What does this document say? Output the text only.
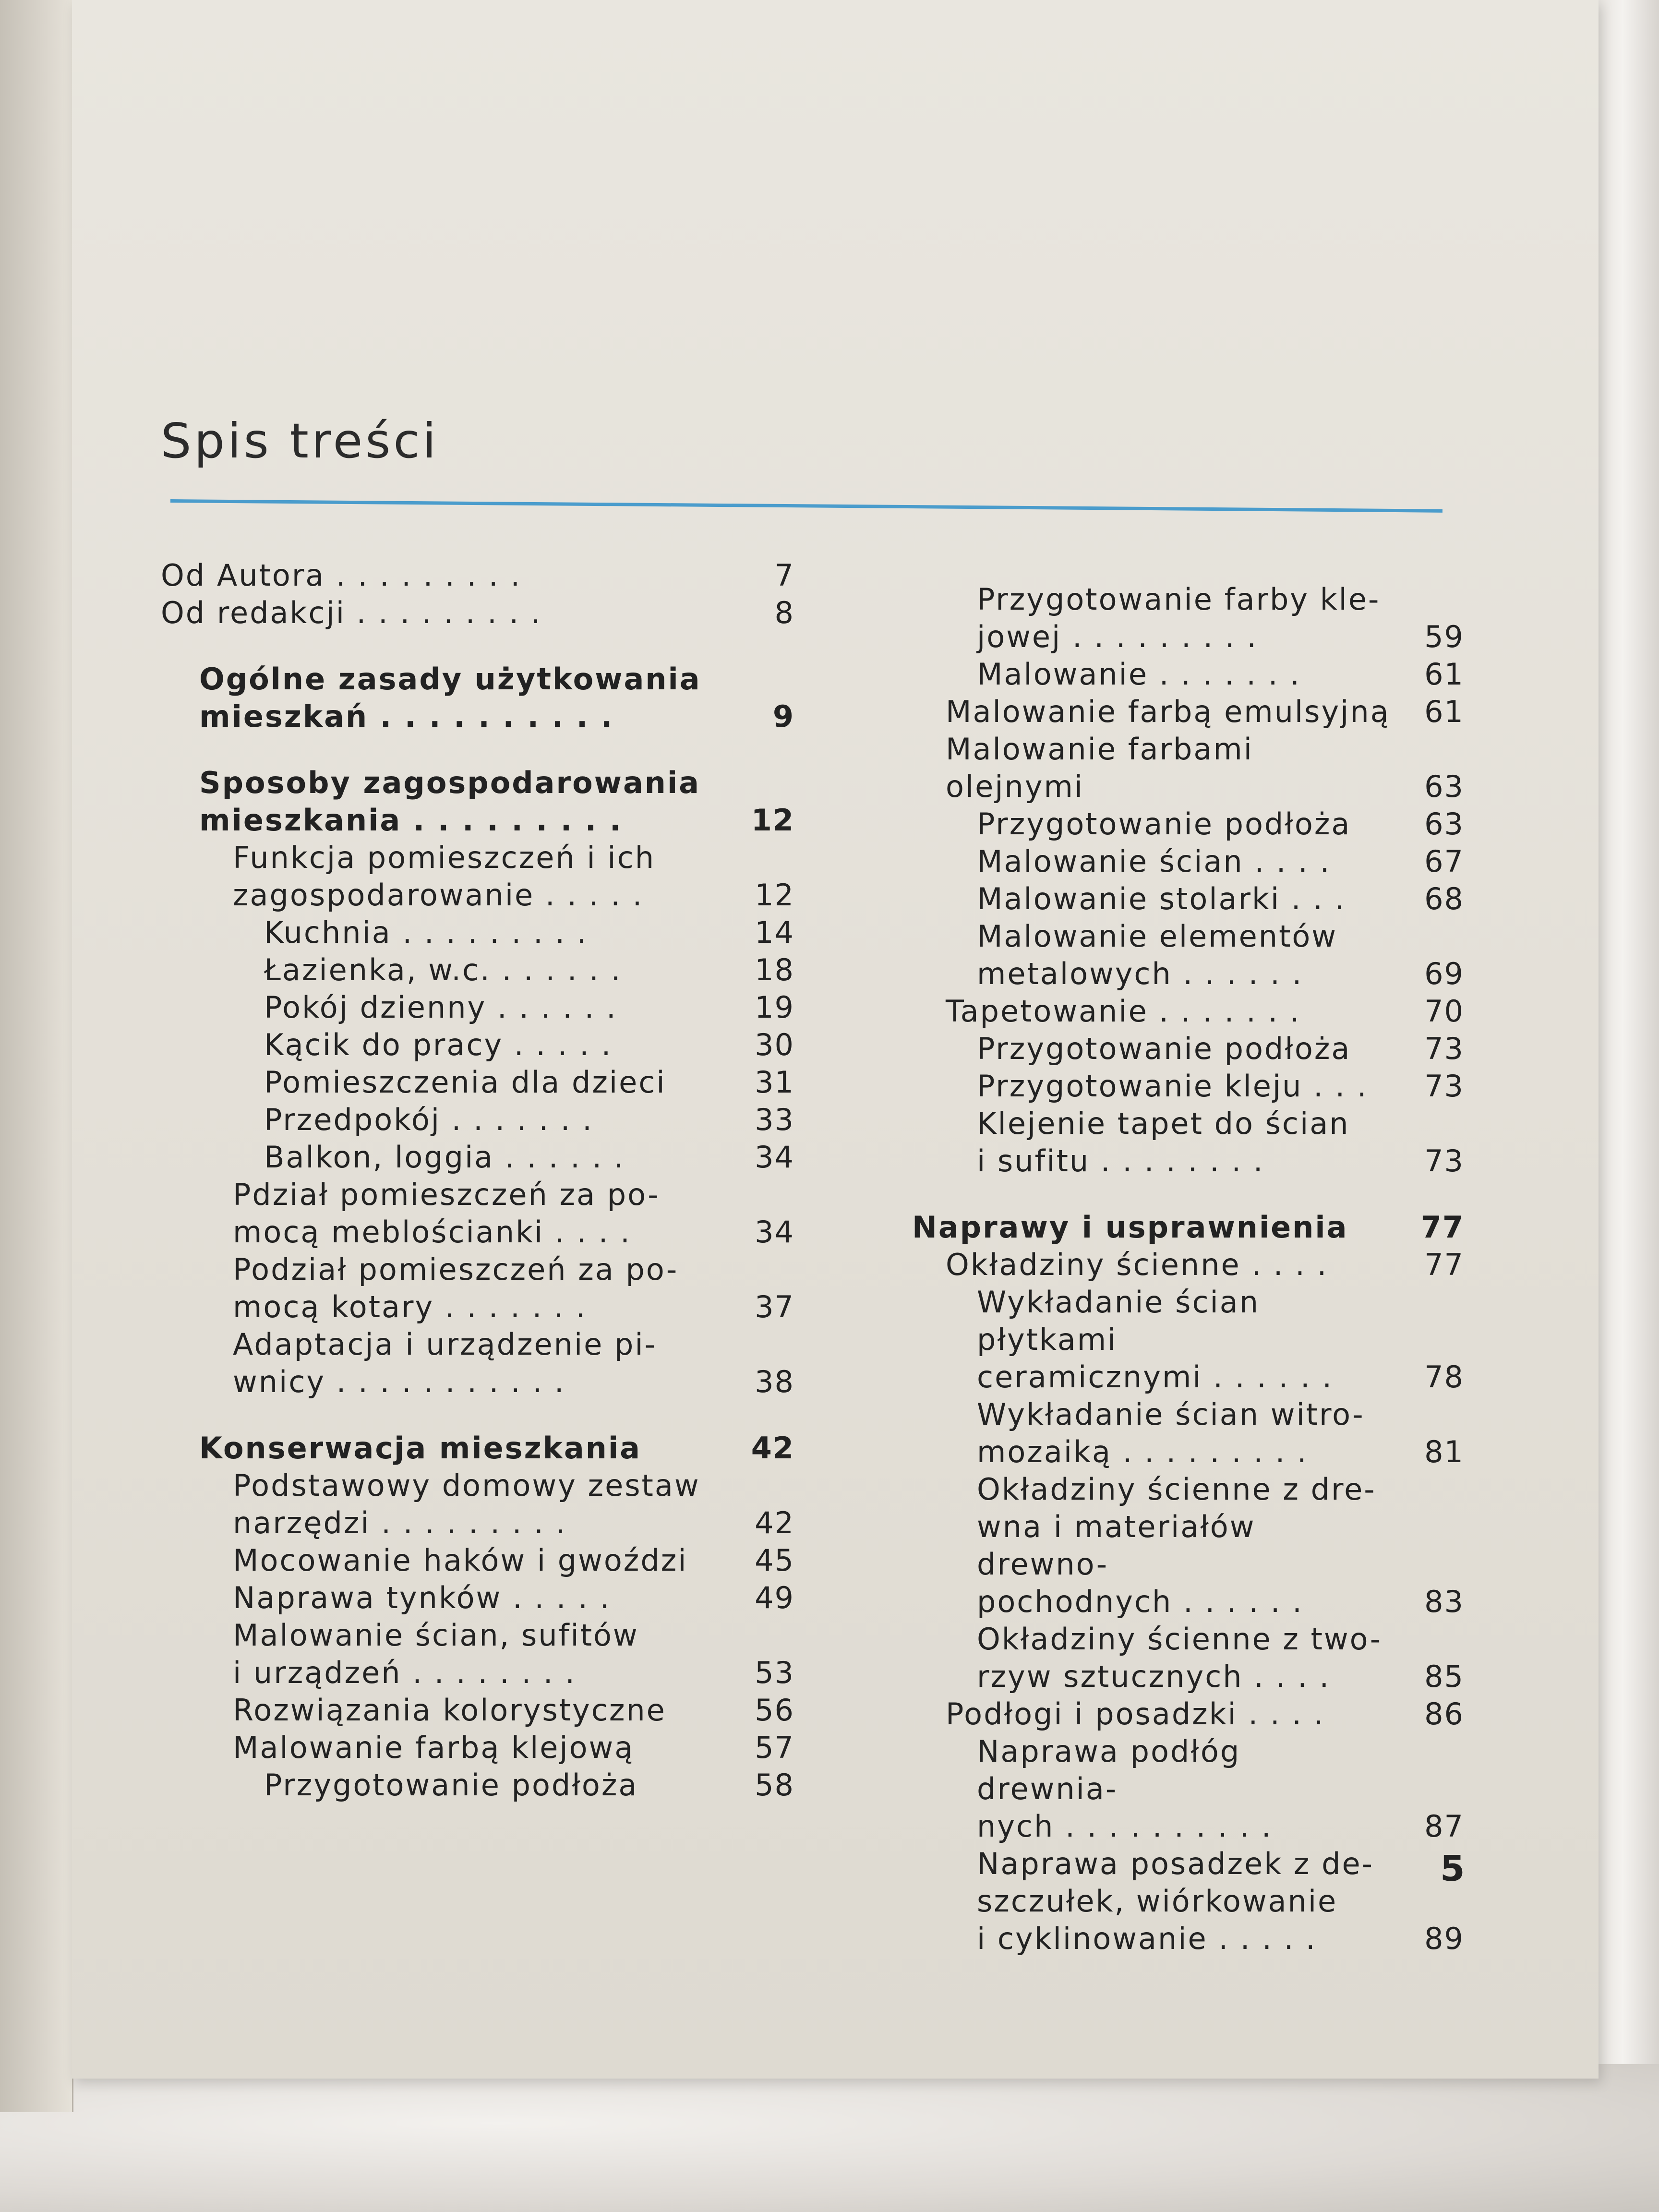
Spis treści
Od Autora . . . . . . . . .	7
Od redakcji . . . . . . . . .	8
Ogólne zasady użytkowania
mieszkań . . . . . . . . . .	9
Sposoby zagospodarowania
mieszkania . . . . . . . . .	12
Funkcja pomieszczeń i ich
zagospodarowanie . . . . .	12
Kuchnia . . . . . . . . .	14
Łazienka, w.c. . . . . . .	18
Pokój dzienny . . . . . .	19
Kącik do pracy . . . . .	30
Pomieszczenia dla dzieci	31
Przedpokój . . . . . . .	33
Balkon, loggia . . . . . .	34
Pdział pomieszczeń za po-
mocą meblościanki . . . .	34
Podział pomieszczeń za po-
mocą kotary . . . . . . .	37
Adaptacja i urządzenie pi-
wnicy . . . . . . . . . . .	38
Konserwacja mieszkania	42
Podstawowy domowy zestaw
narzędzi . . . . . . . . .	42
Mocowanie haków i gwoździ	45
Naprawa tynków . . . . .	49
Malowanie ścian, sufitów
i urządzeń . . . . . . . .	53
Rozwiązania kolorystyczne	56
Malowanie farbą klejową	57
Przygotowanie podłoża	58
Przygotowanie farby kle-
jowej . . . . . . . . .	59
Malowanie . . . . . . .	61
Malowanie farbą emulsyjną	61
Malowanie farbami olejnymi	63
Przygotowanie podłoża	63
Malowanie ścian . . . .	67
Malowanie stolarki . . .	68
Malowanie elementów
metalowych . . . . . .	69
Tapetowanie . . . . . . .	70
Przygotowanie podłoża	73
Przygotowanie kleju . . .	73
Klejenie tapet do ścian
i sufitu . . . . . . . .	73
Naprawy i usprawnienia	77
Okładziny ścienne . . . .	77
Wykładanie ścian płytkami
ceramicznymi . . . . . .	78
Wykładanie ścian witro-
mozaiką . . . . . . . . .	81
Okładziny ścienne z dre-
wna i materiałów drewno-
pochodnych . . . . . .	83
Okładziny ścienne z two-
rzyw sztucznych . . . .	85
Podłogi i posadzki . . . .	86
Naprawa podłóg drewnia-
nych . . . . . . . . . .	87
Naprawa posadzek z de-
szczułek, wiórkowanie
i cyklinowanie . . . . .	89
5
